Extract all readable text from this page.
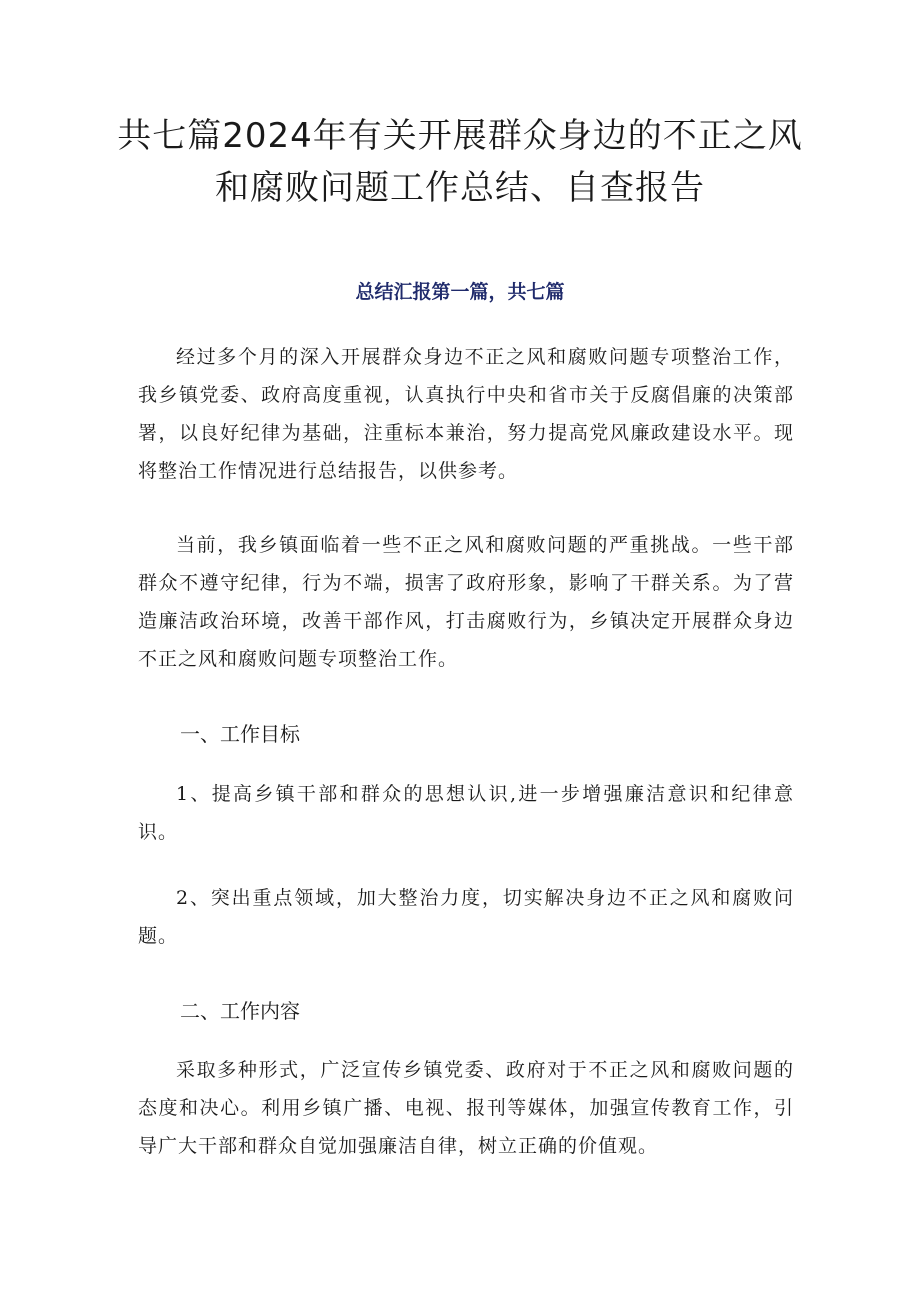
共七篇2024年有关开展群众身边的不正之风和腐败问题工作总结、自查报告
总结汇报第一篇，共七篇
经过多个月的深入开展群众身边不正之风和腐败问题专项整治工作，我乡镇党委、政府高度重视，认真执行中央和省市关于反腐倡廉的决策部署，以良好纪律为基础，注重标本兼治，努力提高党风廉政建设水平。现将整治工作情况进行总结报告，以供参考。
当前，我乡镇面临着一些不正之风和腐败问题的严重挑战。一些干部群众不遵守纪律，行为不端，损害了政府形象，影响了干群关系。为了营造廉洁政治环境，改善干部作风，打击腐败行为，乡镇决定开展群众身边不正之风和腐败问题专项整治工作。
一、工作目标
1、提高乡镇干部和群众的思想认识,进一步增强廉洁意识和纪律意识。
2、突出重点领域，加大整治力度，切实解决身边不正之风和腐败问题。
二、工作内容
采取多种形式，广泛宣传乡镇党委、政府对于不正之风和腐败问题的态度和决心。利用乡镇广播、电视、报刊等媒体，加强宣传教育工作，引导广大干部和群众自觉加强廉洁自律，树立正确的价值观。
